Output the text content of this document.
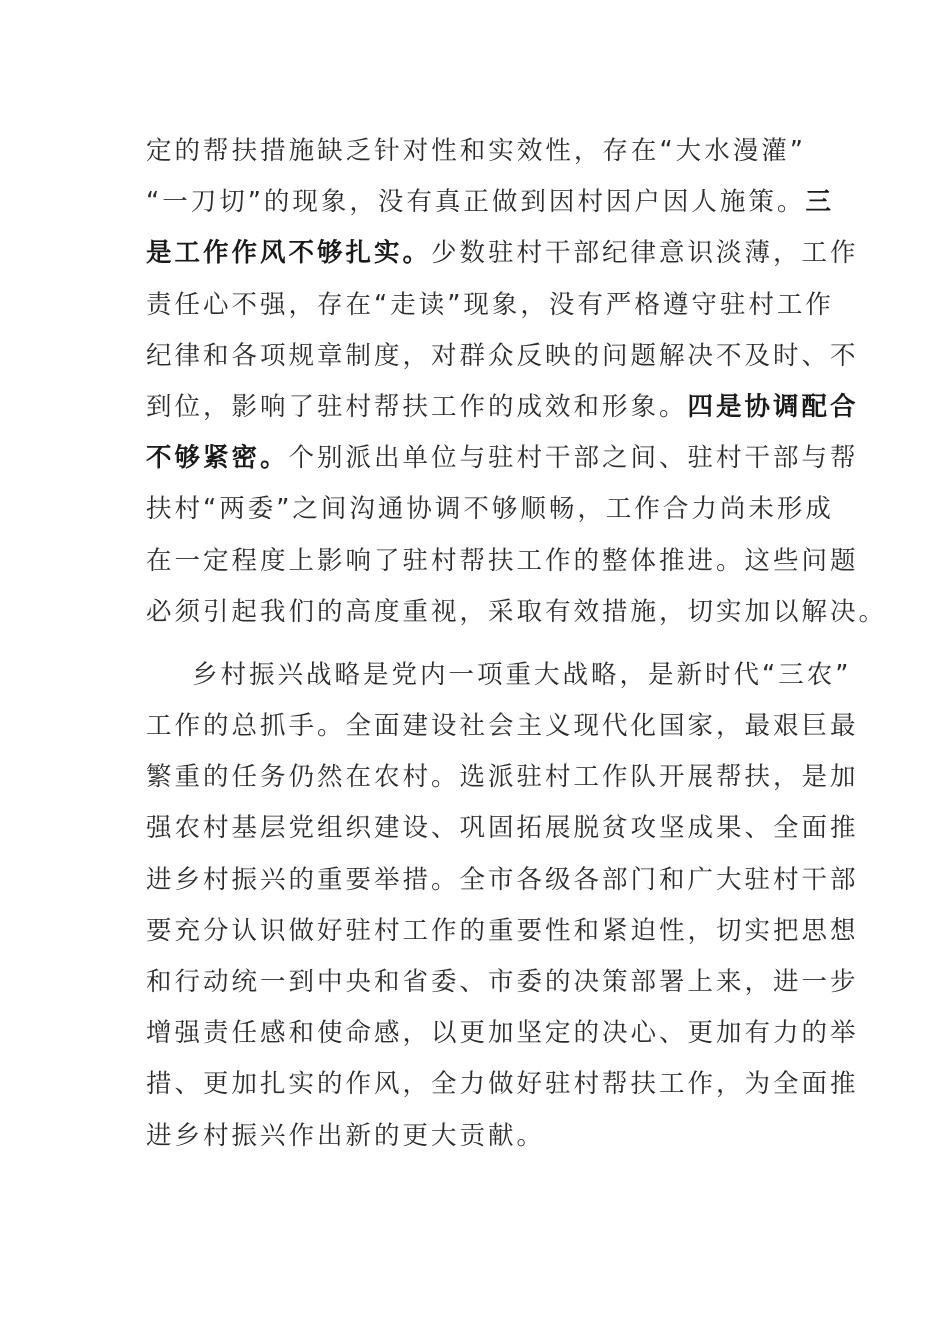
定的帮扶措施缺乏针对性和实效性，存在“大水漫灌”
“一刀切”的现象，没有真正做到因村因户因人施策。三
是工作作风不够扎实。少数驻村干部纪律意识淡薄，工作
责任心不强，存在“走读”现象，没有严格遵守驻村工作
纪律和各项规章制度，对群众反映的问题解决不及时、不
到位，影响了驻村帮扶工作的成效和形象。四是协调配合
不够紧密。个别派出单位与驻村干部之间、驻村干部与帮
扶村“两委”之间沟通协调不够顺畅，工作合力尚未形成
在一定程度上影响了驻村帮扶工作的整体推进。这些问题
必须引起我们的高度重视，采取有效措施，切实加以解决。
乡村振兴战略是党内一项重大战略，是新时代“三农”
工作的总抓手。全面建设社会主义现代化国家，最艰巨最
繁重的任务仍然在农村。选派驻村工作队开展帮扶，是加
强农村基层党组织建设、巩固拓展脱贫攻坚成果、全面推
进乡村振兴的重要举措。全市各级各部门和广大驻村干部
要充分认识做好驻村工作的重要性和紧迫性，切实把思想
和行动统一到中央和省委、市委的决策部署上来，进一步
增强责任感和使命感，以更加坚定的决心、更加有力的举
措、更加扎实的作风，全力做好驻村帮扶工作，为全面推
进乡村振兴作出新的更大贡献。
